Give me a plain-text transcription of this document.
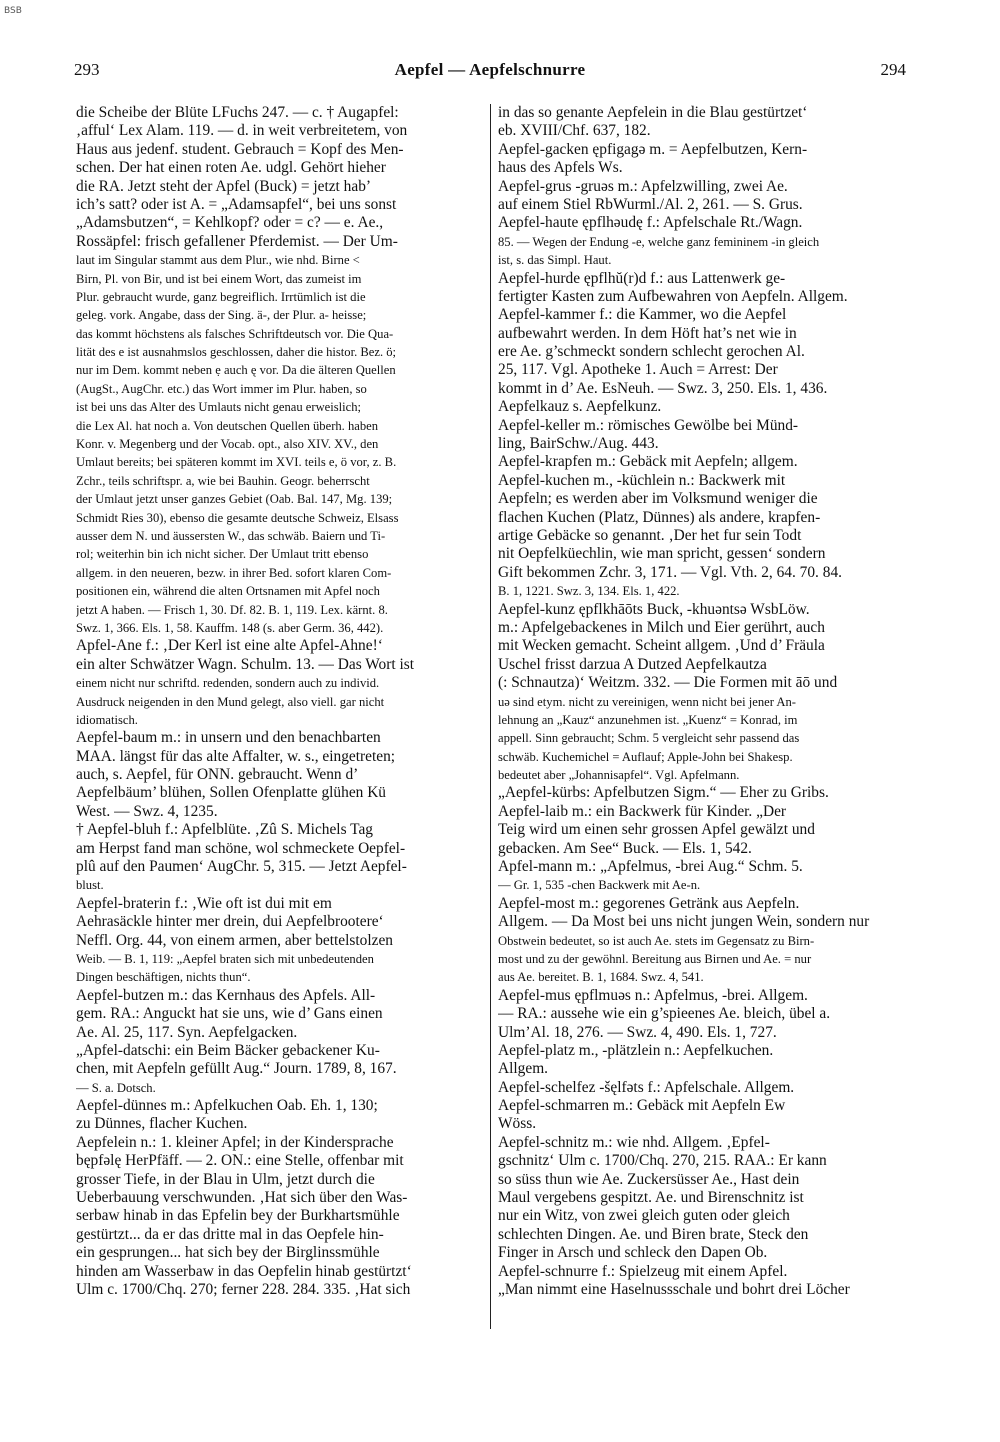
BSB
293	Aepfel — Aepfelschnurre	294
die Scheibe der Blüte LFuchs 247. — c. † Augapfel:
‚afful‘ Lex Alam. 119. — d. in weit verbreitetem, von
Haus aus jedenf. student. Gebrauch = Kopf des Men-
schen. Der hat einen roten Ae. udgl. Gehört hieher
die RA. Jetzt steht der Apfel (Buck) = jetzt hab’
ich’s satt? oder ist A. = „Adamsapfel“, bei uns sonst
„Adamsbutzen“, = Kehlkopf? oder = c? — e. Ae.,
Rossäpfel: frisch gefallener Pferdemist. — Der Um-
laut im Singular stammt aus dem Plur., wie nhd. Birne <
Birn, Pl. von Bir, und ist bei einem Wort, das zumeist im
Plur. gebraucht wurde, ganz begreiflich. Irrtümlich ist die
geleg. vork. Angabe, dass der Sing. ä-, der Plur. a- heisse;
das kommt höchstens als falsches Schriftdeutsch vor. Die Qua-
lität des e ist ausnahmslos geschlossen, daher die histor. Bez. ö;
nur im Dem. kommt neben ẹ auch ę vor. Da die älteren Quellen
(AugSt., AugChr. etc.) das Wort immer im Plur. haben, so
ist bei uns das Alter des Umlauts nicht genau erweislich;
die Lex Al. hat noch a. Von deutschen Quellen überh. haben
Konr. v. Megenberg und der Vocab. opt., also XIV. XV., den
Umlaut bereits; bei späteren kommt im XVI. teils e, ö vor, z. B.
Zchr., teils schriftspr. a, wie bei Bauhin. Geogr. beherrscht
der Umlaut jetzt unser ganzes Gebiet (Oab. Bal. 147, Mg. 139;
Schmidt Ries 30), ebenso die gesamte deutsche Schweiz, Elsass
ausser dem N. und äussersten W., das schwäb. Baiern und Ti-
rol; weiterhin bin ich nicht sicher. Der Umlaut tritt ebenso
allgem. in den neueren, bezw. in ihrer Bed. sofort klaren Com-
positionen ein, während die alten Ortsnamen mit Apfel noch
jetzt A haben. — Frisch 1, 30. Df. 82. B. 1, 119. Lex. kärnt. 8.
Swz. 1, 366. Els. 1, 58. Kauffm. 148 (s. aber Germ. 36, 442).
Apfel-Ane f.: ‚Der Kerl ist eine alte Apfel-Ahne!‘
ein alter Schwätzer Wagn. Schulm. 13. — Das Wort ist
einem nicht nur schriftd. redenden, sondern auch zu individ.
Ausdruck neigenden in den Mund gelegt, also viell. gar nicht
idiomatisch.
Aepfel-baum m.: in unsern und den benachbarten
MAA. längst für das alte Affalter, w. s., eingetreten;
auch, s. Aepfel, für ONN. gebraucht. Wenn d’
Aepfelbäum’ blühen, Sollen Ofenplatte glühen Kü
West. — Swz. 4, 1235.
† Aepfel-bluh f.: Apfelblüte. ‚Zû S. Michels Tag
am Herpst fand man schöne, wol schmeckete Oepfel-
plû auf den Paumen‘ AugChr. 5, 315. — Jetzt Aepfel-
blust.
Aepfel-braterin f.: ‚Wie oft ist dui mit em
Aehrasäckle hinter mer drein, dui Aepfelbrootere‘
Neffl. Org. 44, von einem armen, aber bettelstolzen
Weib. — B. 1, 119: „Aepfel braten sich mit unbedeutenden
Dingen beschäftigen, nichts thun“.
Aepfel-butzen m.: das Kernhaus des Apfels. All-
gem. RA.: Anguckt hat sie uns, wie d’ Gans einen
Ae. Al. 25, 117. Syn. Aepfelgacken.
„Apfel-datschi: ein Beim Bäcker gebackener Ku-
chen, mit Aepfeln gefüllt Aug.“ Journ. 1789, 8, 167.
— S. a. Dotsch.
Aepfel-dünnes m.: Apfelkuchen Oab. Eh. 1, 130;
zu Dünnes, flacher Kuchen.
Aepfelein n.: 1. kleiner Apfel; in der Kindersprache
bępfəlę HerPfäff. — 2. ON.: eine Stelle, offenbar mit
grosser Tiefe, in der Blau in Ulm, jetzt durch die
Ueberbauung verschwunden. ‚Hat sich über den Was-
serbaw hinab in das Epfelin bey der Burkhartsmühle
gestürtzt... da er das dritte mal in das Oepfele hin-
ein gesprungen... hat sich bey der Birglinssmühle
hinden am Wasserbaw in das Oepfelin hinab gestürtzt‘
Ulm c. 1700/Chq. 270; ferner 228. 284. 335. ‚Hat sich
in das so genante Aepfelein in die Blau gestürtzet‘
eb. XVIII/Chf. 637, 182.
Aepfel-gacken ępfigagə m. = Aepfelbutzen, Kern-
haus des Apfels Ws.
Aepfel-grus -gruəs m.: Apfelzwilling, zwei Ae.
auf einem Stiel RbWurml./Al. 2, 261. — S. Grus.
Aepfel-haute ępflhəudę f.: Apfelschale Rt./Wagn.
85. — Wegen der Endung -e, welche ganz femininem -in gleich
ist, s. das Simpl. Haut.
Aepfel-hurde ępflhŭ(r)d f.: aus Lattenwerk ge-
fertigter Kasten zum Aufbewahren von Aepfeln. Allgem.
Aepfel-kammer f.: die Kammer, wo die Aepfel
aufbewahrt werden. In dem Höft hat’s net wie in
ere Ae. g’schmeckt sondern schlecht gerochen Al.
25, 117. Vgl. Apotheke 1. Auch = Arrest: Der
kommt in d’ Ae. EsNeuh. — Swz. 3, 250. Els. 1, 436.
Aepfelkauz s. Aepfelkunz.
Aepfel-keller m.: römisches Gewölbe bei Münd-
ling, BairSchw./Aug. 443.
Aepfel-krapfen m.: Gebäck mit Aepfeln; allgem.
Aepfel-kuchen m., -küchlein n.: Backwerk mit
Aepfeln; es werden aber im Volksmund weniger die
flachen Kuchen (Platz, Dünnes) als andere, krapfen-
artige Gebäcke so genannt. ‚Der het fur sein Todt
nit Oepfelküechlin, wie man spricht, gessen‘ sondern
Gift bekommen Zchr. 3, 171. — Vgl. Vth. 2, 64. 70. 84.
B. 1, 1221. Swz. 3, 134. Els. 1, 422.
Aepfel-kunz ępflkhāōts Buck, -khuəntsə WsbLöw.
m.: Apfelgebackenes in Milch und Eier gerührt, auch
mit Wecken gemacht. Scheint allgem. ‚Und d’ Fräula
Uschel frisst darzua A Dutzed Aepfelkautza
(: Schnautza)‘ Weitzm. 332. — Die Formen mit āō und
uə sind etym. nicht zu vereinigen, wenn nicht bei jener An-
lehnung an „Kauz“ anzunehmen ist. „Kuenz“ = Konrad, im
appell. Sinn gebraucht; Schm. 5 vergleicht sehr passend das
schwäb. Kuchemichel = Auflauf; Apple-John bei Shakesp.
bedeutet aber „Johannisapfel“. Vgl. Apfelmann.
„Aepfel-kürbs: Apfelbutzen Sigm.“ — Eher zu Gribs.
Aepfel-laib m.: ein Backwerk für Kinder. „Der
Teig wird um einen sehr grossen Apfel gewälzt und
gebacken. Am See“ Buck. — Els. 1, 542.
Apfel-mann m.: „Apfelmus, -brei Aug.“ Schm. 5.
— Gr. 1, 535 -chen Backwerk mit Ae-n.
Aepfel-most m.: gegorenes Getränk aus Aepfeln.
Allgem. — Da Most bei uns nicht jungen Wein, sondern nur
Obstwein bedeutet, so ist auch Ae. stets im Gegensatz zu Birn-
most und zu der gewöhnl. Bereitung aus Birnen und Ae. = nur
aus Ae. bereitet. B. 1, 1684. Swz. 4, 541.
Aepfel-mus ępflmuəs n.: Apfelmus, -brei. Allgem.
— RA.: aussehe wie ein g’spieenes Ae. bleich, übel a.
Ulm’Al. 18, 276. — Swz. 4, 490. Els. 1, 727.
Aepfel-platz m., -plätzlein n.: Aepfelkuchen.
Allgem.
Aepfel-schelfez -šęlfəts f.: Apfelschale. Allgem.
Aepfel-schmarren m.: Gebäck mit Aepfeln Ew
Wöss.
Aepfel-schnitz m.: wie nhd. Allgem. ‚Epfel-
gschnitz‘ Ulm c. 1700/Chq. 270, 215. RAA.: Er kann
so süss thun wie Ae. Zuckersüsser Ae., Hast dein
Maul vergebens gespitzt. Ae. und Birenschnitz ist
nur ein Witz, von zwei gleich guten oder gleich
schlechten Dingen. Ae. und Biren brate, Steck den
Finger in Arsch und schleck den Dapen Ob.
Aepfel-schnurre f.: Spielzeug mit einem Apfel.
„Man nimmt eine Haselnussschale und bohrt drei Löcher
